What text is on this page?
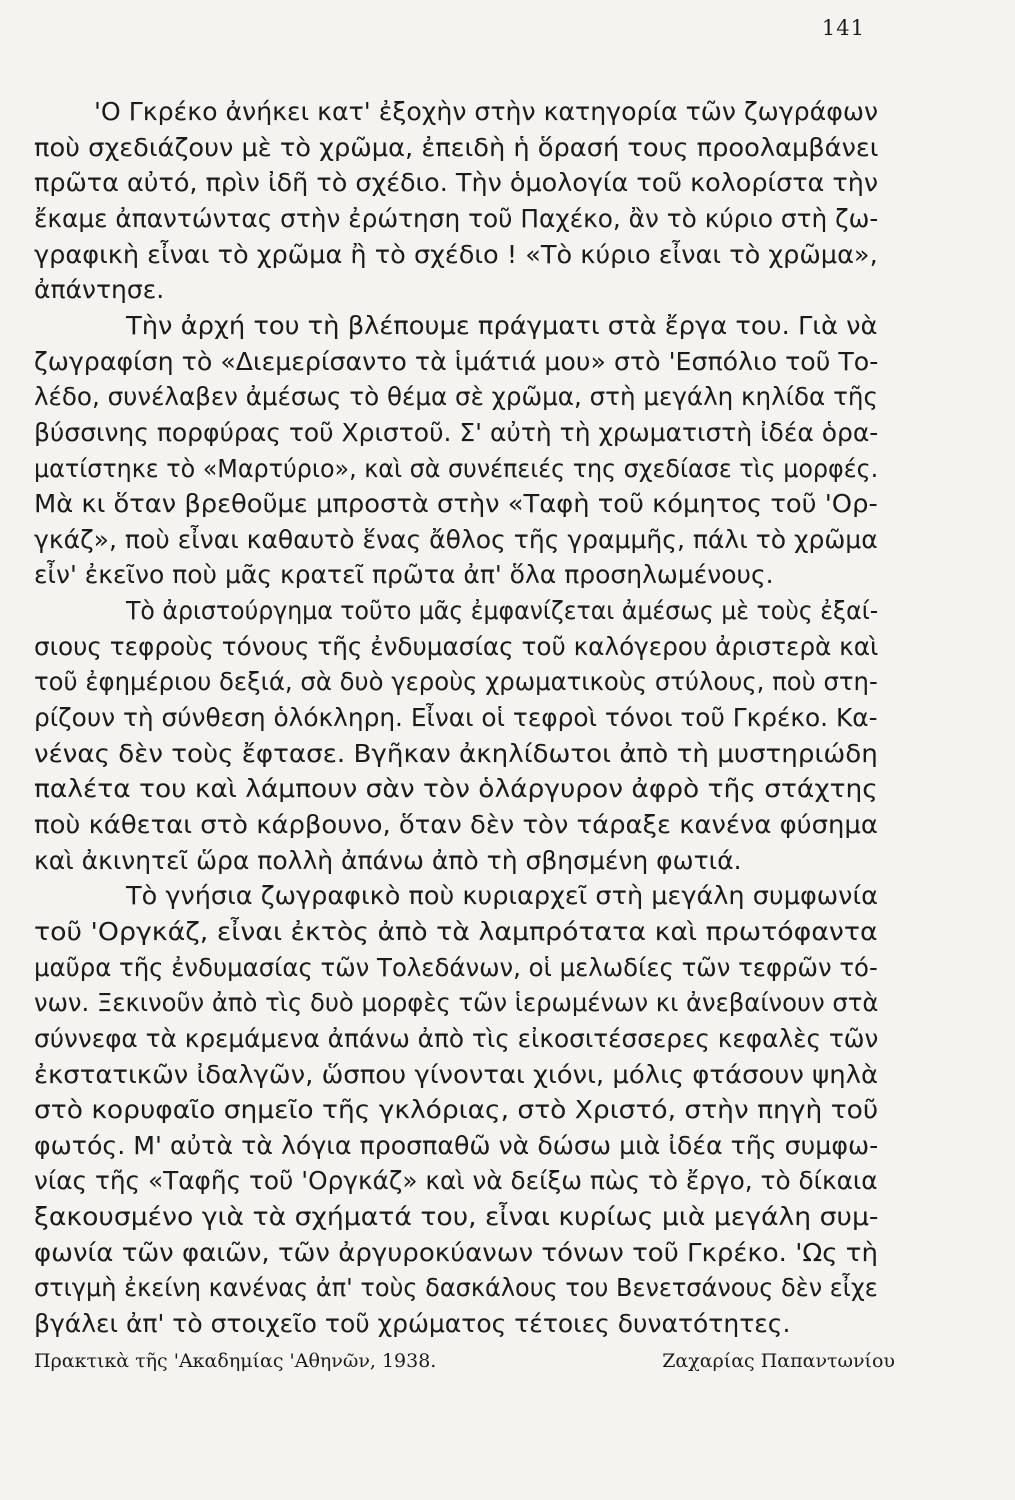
141
'Ο Γκρέκο ἀνήκει κατ' ἐξοχὴν στὴν κατηγορία τῶν ζωγράφων
ποὺ σχεδιάζουν μὲ τὸ χρῶμα, ἐπειδὴ ἡ ὅρασή τους προολαμβάνει
πρῶτα αὐτό, πρὶν ἰδῆ τὸ σχέδιο. Τὴν ὁμολογία τοῦ κολορίστα τὴν
ἔκαμε ἀπαντώντας στὴν ἐρώτηση τοῦ Παχέκο, ἂν τὸ κύριο στὴ ζω-
γραφικὴ εἶναι τὸ χρῶμα ἢ τὸ σχέδιο ! «Τὸ κύριο εἶναι τὸ χρῶμα»,
ἀπάντησε.
Τὴν ἀρχή του τὴ βλέπουμε πράγματι στὰ ἔργα του. Γιὰ νὰ
ζωγραφίση τὸ «Διεμερίσαντο τὰ ἱμάτιά μου» στὸ 'Εσπόλιο τοῦ Το-
λέδο, συνέλαβεν ἀμέσως τὸ θέμα σὲ χρῶμα, στὴ μεγάλη κηλίδα τῆς
βύσσινης πορφύρας τοῦ Χριστοῦ. Σ' αὐτὴ τὴ χρωματιστὴ ἰδέα ὁρα-
ματίστηκε τὸ «Μαρτύριο», καὶ σὰ συνέπειές της σχεδίασε τὶς μορφές.
Μὰ κι ὅταν βρεθοῦμε μπροστὰ στὴν «Ταφὴ τοῦ κόμητος τοῦ 'Ορ-
γκάζ», ποὺ εἶναι καθαυτὸ ἕνας ἄθλος τῆς γραμμῆς, πάλι τὸ χρῶμα
εἶν' ἐκεῖνο ποὺ μᾶς κρατεῖ πρῶτα ἀπ' ὅλα προσηλωμένους.
Τὸ ἀριστούργημα τοῦτο μᾶς ἐμφανίζεται ἀμέσως μὲ τοὺς ἐξαί-
σιους τεφροὺς τόνους τῆς ἐνδυμασίας τοῦ καλόγερου ἀριστερὰ καὶ
τοῦ ἐφημέριου δεξιά, σὰ δυὸ γεροὺς χρωματικοὺς στύλους, ποὺ στη-
ρίζουν τὴ σύνθεση ὁλόκληρη. Εἶναι οἱ τεφροὶ τόνοι τοῦ Γκρέκο. Κα-
νένας δὲν τοὺς ἔφτασε. Βγῆκαν ἀκηλίδωτοι ἀπὸ τὴ μυστηριώδη
παλέτα του καὶ λάμπουν σὰν τὸν ὁλάργυρον ἀφρὸ τῆς στάχτης
ποὺ κάθεται στὸ κάρβουνο, ὅταν δὲν τὸν τάραξε κανένα φύσημα
καὶ ἀκινητεῖ ὥρα πολλὴ ἀπάνω ἀπὸ τὴ σβησμένη φωτιά.
Τὸ γνήσια ζωγραφικὸ ποὺ κυριαρχεῖ στὴ μεγάλη συμφωνία
τοῦ 'Οργκάζ, εἶναι ἐκτὸς ἀπὸ τὰ λαμπρότατα καὶ πρωτόφαντα
μαῦρα τῆς ἐνδυμασίας τῶν Τολεδάνων, οἱ μελωδίες τῶν τεφρῶν τό-
νων. Ξεκινοῦν ἀπὸ τὶς δυὸ μορφὲς τῶν ἱερωμένων κι ἀνεβαίνουν στὰ
σύννεφα τὰ κρεμάμενα ἀπάνω ἀπὸ τὶς εἰκοσιτέσσερες κεφαλὲς τῶν
ἐκστατικῶν ἰδαλγῶν, ὥσπου γίνονται χιόνι, μόλις φτάσουν ψηλὰ
στὸ κορυφαῖο σημεῖο τῆς γκλόριας, στὸ Χριστό, στὴν πηγὴ τοῦ
φωτός. Μ' αὐτὰ τὰ λόγια προσπαθῶ νὰ δώσω μιὰ ἰδέα τῆς συμφω-
νίας τῆς «Ταφῆς τοῦ 'Οργκάζ» καὶ νὰ δείξω πὼς τὸ ἔργο, τὸ δίκαια
ξακουσμένο γιὰ τὰ σχήματά του, εἶναι κυρίως μιὰ μεγάλη συμ-
φωνία τῶν φαιῶν, τῶν ἀργυροκύανων τόνων τοῦ Γκρέκο. 'Ως τὴ
στιγμὴ ἐκείνη κανένας ἀπ' τοὺς δασκάλους του Βενετσάνους δὲν εἶχε
βγάλει ἀπ' τὸ στοιχεῖο τοῦ χρώματος τέτοιες δυνατότητες.
Πρακτικὰ τῆς 'Ακαδημίας 'Αθηνῶν, 1938.	Ζαχαρίας Παπαντωνίου
